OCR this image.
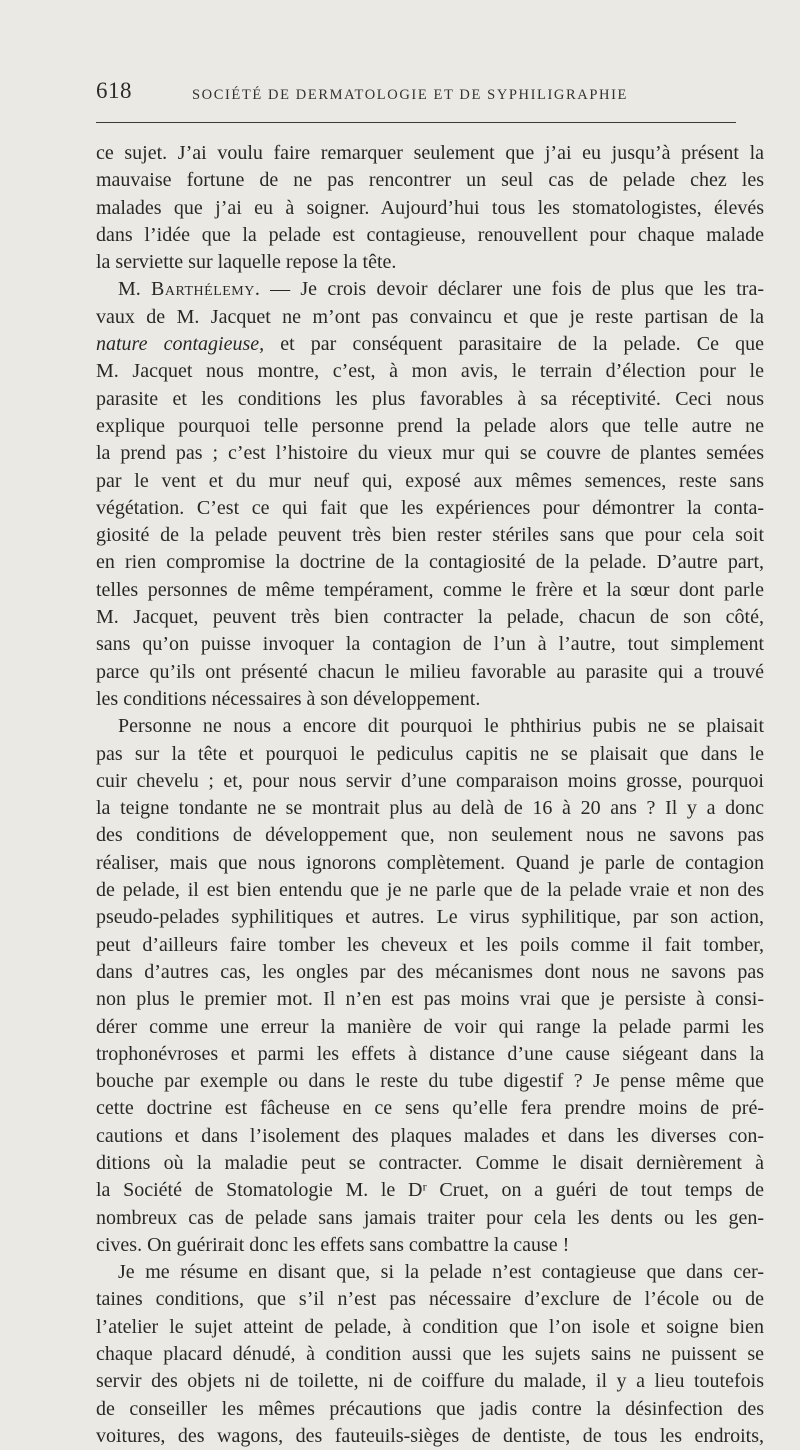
618	SOCIÉTÉ DE DERMATOLOGIE ET DE SYPHILIGRAPHIE
ce sujet. J’ai voulu faire remarquer seulement que j’ai eu jusqu’à présent la
mauvaise fortune de ne pas rencontrer un seul cas de pelade chez les
malades que j’ai eu à soigner. Aujourd’hui tous les stomatologistes, élevés
dans l’idée que la pelade est contagieuse, renouvellent pour chaque malade
la serviette sur laquelle repose la tête.
M. Barthélemy. — Je crois devoir déclarer une fois de plus que les tra-
vaux de M. Jacquet ne m’ont pas convaincu et que je reste partisan de la
nature contagieuse, et par conséquent parasitaire de la pelade. Ce que
M. Jacquet nous montre, c’est, à mon avis, le terrain d’élection pour le
parasite et les conditions les plus favorables à sa réceptivité. Ceci nous
explique pourquoi telle personne prend la pelade alors que telle autre ne
la prend pas ; c’est l’histoire du vieux mur qui se couvre de plantes semées
par le vent et du mur neuf qui, exposé aux mêmes semences, reste sans
végétation. C’est ce qui fait que les expériences pour démontrer la conta-
giosité de la pelade peuvent très bien rester stériles sans que pour cela soit
en rien compromise la doctrine de la contagiosité de la pelade. D’autre part,
telles personnes de même tempérament, comme le frère et la sœur dont parle
M. Jacquet, peuvent très bien contracter la pelade, chacun de son côté,
sans qu’on puisse invoquer la contagion de l’un à l’autre, tout simplement
parce qu’ils ont présenté chacun le milieu favorable au parasite qui a trouvé
les conditions nécessaires à son développement.
Personne ne nous a encore dit pourquoi le phthirius pubis ne se plaisait
pas sur la tête et pourquoi le pediculus capitis ne se plaisait que dans le
cuir chevelu ; et, pour nous servir d’une comparaison moins grosse, pourquoi
la teigne tondante ne se montrait plus au delà de 16 à 20 ans ? Il y a donc
des conditions de développement que, non seulement nous ne savons pas
réaliser, mais que nous ignorons complètement. Quand je parle de contagion
de pelade, il est bien entendu que je ne parle que de la pelade vraie et non des
pseudo-pelades syphilitiques et autres. Le virus syphilitique, par son action,
peut d’ailleurs faire tomber les cheveux et les poils comme il fait tomber,
dans d’autres cas, les ongles par des mécanismes dont nous ne savons pas
non plus le premier mot. Il n’en est pas moins vrai que je persiste à consi-
dérer comme une erreur la manière de voir qui range la pelade parmi les
trophonévroses et parmi les effets à distance d’une cause siégeant dans la
bouche par exemple ou dans le reste du tube digestif ? Je pense même que
cette doctrine est fâcheuse en ce sens qu’elle fera prendre moins de pré-
cautions et dans l’isolement des plaques malades et dans les diverses con-
ditions où la maladie peut se contracter. Comme le disait dernièrement à
la Société de Stomatologie M. le Dʳ Cruet, on a guéri de tout temps de
nombreux cas de pelade sans jamais traiter pour cela les dents ou les gen-
cives. On guérirait donc les effets sans combattre la cause !
Je me résume en disant que, si la pelade n’est contagieuse que dans cer-
taines conditions, que s’il n’est pas nécessaire d’exclure de l’école ou de
l’atelier le sujet atteint de pelade, à condition que l’on isole et soigne bien
chaque placard dénudé, à condition aussi que les sujets sains ne puissent se
servir des objets ni de toilette, ni de coiffure du malade, il y a lieu toutefois
de conseiller les mêmes précautions que jadis contre la désinfection des
voitures, des wagons, des fauteuils-sièges de dentiste, de tous les endroits,
